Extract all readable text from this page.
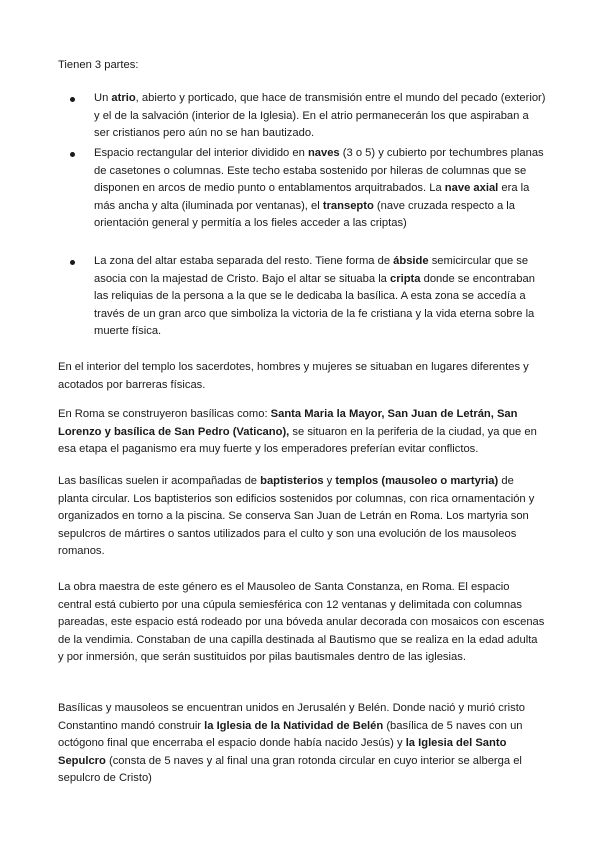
Tienen 3 partes:

Un atrio, abierto y porticado, que hace de transmisión entre el mundo del pecado (exterior) y el de la salvación (interior de la Iglesia). En el atrio permanecerán los que aspiraban a ser cristianos pero aún no se han bautizado.
Espacio rectangular del interior dividido en naves (3 o 5) y cubierto por techumbres planas de casetones o columnas. Este techo estaba sostenido por hileras de columnas que se disponen en arcos de medio punto o entablamentos arquitrabados. La nave axial era la más ancha y alta (iluminada por ventanas), el transepto (nave cruzada respecto a la orientación general y permitía a los fieles acceder a las criptas)
La zona del altar estaba separada del resto. Tiene forma de ábside semicircular que se asocia con la majestad de Cristo. Bajo el altar se situaba la cripta donde se encontraban las reliquias de la persona a la que se le dedicaba la basílica. A esta zona se accedía a través de un gran arco que simboliza la victoria de la fe cristiana y la vida eterna sobre la muerte física.
En el interior del templo los sacerdotes, hombres y mujeres se situaban en lugares diferentes y acotados por barreras físicas.
En Roma se construyeron basílicas como: Santa Maria la Mayor, San Juan de Letrán, San Lorenzo y basílica de San Pedro (Vaticano), se situaron en la periferia de la ciudad, ya que en esa etapa el paganismo era muy fuerte y los emperadores preferían evitar conflictos.
Las basílicas suelen ir acompañadas de baptisterios y templos (mausoleo o martyria) de planta circular. Los baptisterios son edificios sostenidos por columnas, con rica ornamentación y organizados en torno a la piscina. Se conserva San Juan de Letrán en Roma. Los martyria son sepulcros de mártires o santos utilizados para el culto y son una evolución de los mausoleos romanos.
La obra maestra de este género es el Mausoleo de Santa Constanza, en Roma. El espacio central está cubierto por una cúpula semiesférica con 12 ventanas y delimitada con columnas pareadas, este espacio está rodeado por una bóveda anular decorada con mosaicos con escenas de la vendimia. Constaban de una capilla destinada al Bautismo que se realiza en la edad adulta y por inmersión, que serán sustituidos por pilas bautismales dentro de las iglesias.
Basílicas y mausoleos se encuentran unidos en Jerusalén y Belén. Donde nació y murió cristo Constantino mandó construir la Iglesia de la Natividad de Belén (basílica de 5 naves con un octógono final que encerraba el espacio donde había nacido Jesús) y la Iglesia del Santo Sepulcro (consta de 5 naves y al final una gran rotonda circular en cuyo interior se alberga el sepulcro de Cristo)
